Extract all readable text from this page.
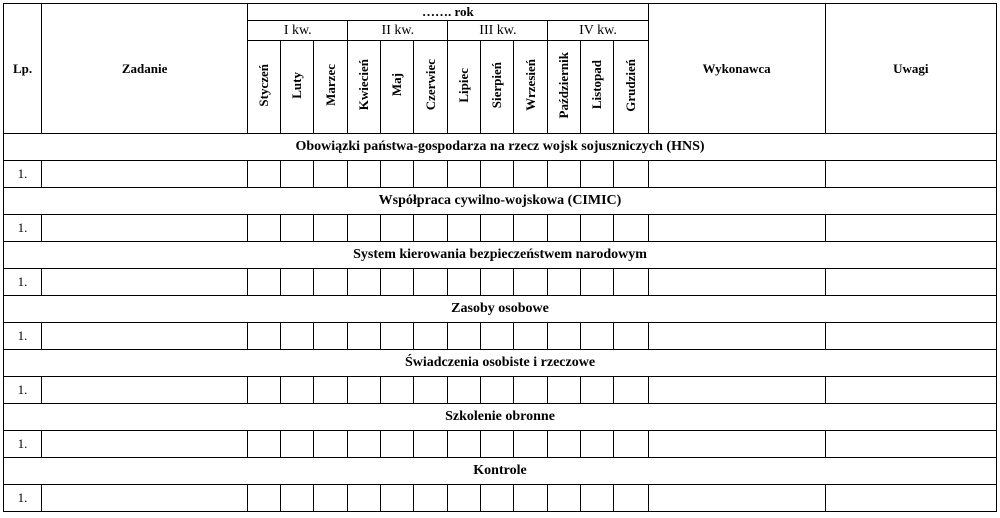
Lp.	Zadanie	……. rok												Wykonawca	Uwagi
		I kw.			II kw.			III kw.			IV kw.				
		Styczeń	Luty	Marzec	Kwiecień	Maj	Czerwiec	Lipiec	Sierpień	Wrzesień	Październik	Listopad	Grudzień		
Obowiązki państwa-gospodarza na rzecz wojsk sojuszniczych (HNS)															
1.															
Współpraca cywilno-wojskowa (CIMIC)															
1.															
System kierowania bezpieczeństwem narodowym															
1.															
Zasoby osobowe															
1.															
Świadczenia osobiste i rzeczowe															
1.															
Szkolenie obronne															
1.															
Kontrole															
1.															
